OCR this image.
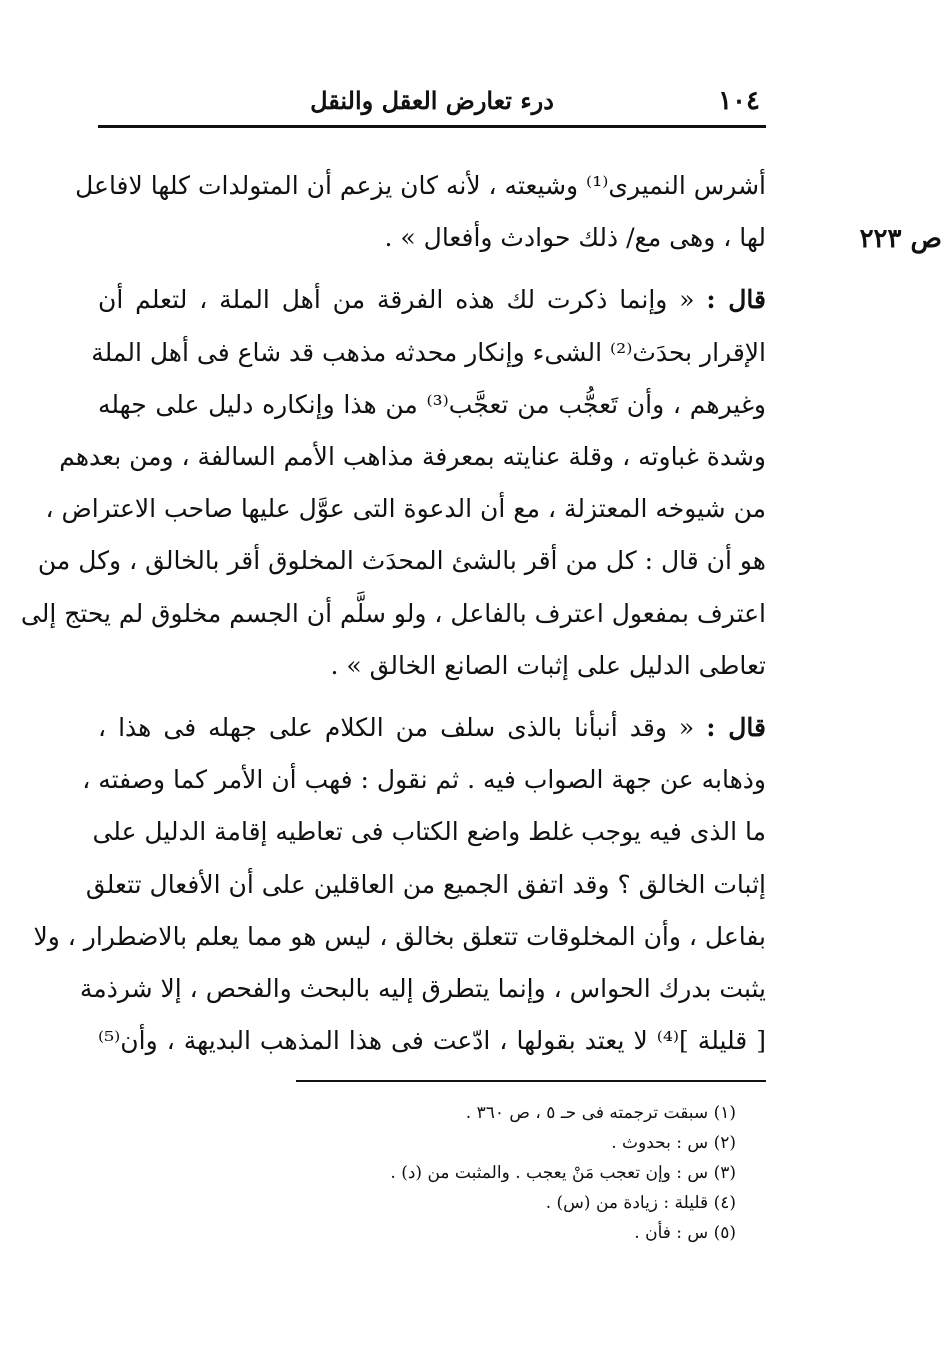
١٠٤
درء تعارض العقل والنقل
ص ٢٢٣
أشرس النميرى⁽¹⁾ وشيعته ، لأنه كان يزعم أن المتولدات كلها لافاعل
لها ، وهى مع/ ذلك حوادث وأفعال » .
قال : « وإنما ذكرت لك هذه الفرقة من أهل الملة ، لتعلم أن
الإقرار بحدَث⁽²⁾ الشىء وإنكار محدثه مذهب قد شاع فى أهل الملة
وغيرهم ، وأن تَعجُّب من تعجَّب⁽³⁾ من هذا وإنكاره دليل على جهله
وشدة غباوته ، وقلة عنايته بمعرفة مذاهب الأمم السالفة ، ومن بعدهم
من شيوخه المعتزلة ، مع أن الدعوة التى عوَّل عليها صاحب الاعتراض ،
هو أن قال : كل من أقر بالشئ المحدَث المخلوق أقر بالخالق ، وكل من
اعترف بمفعول اعترف بالفاعل ، ولو سلَّم أن الجسم مخلوق لم يحتج إلى
تعاطى الدليل على إثبات الصانع الخالق » .
قال : « وقد أنبأنا بالذى سلف من الكلام على جهله فى هذا ،
وذهابه عن جهة الصواب فيه . ثم نقول : فهب أن الأمر كما وصفته ،
ما الذى فيه يوجب غلط واضع الكتاب فى تعاطيه إقامة الدليل على
إثبات الخالق ؟ وقد اتفق الجميع من العاقلين على أن الأفعال تتعلق
بفاعل ، وأن المخلوقات تتعلق بخالق ، ليس هو مما يعلم بالاضطرار ، ولا
يثبت بدرك الحواس ، وإنما يتطرق إليه بالبحث والفحص ، إلا شرذمة
[ قليلة ]⁽⁴⁾ لا يعتد بقولها ، ادّعت فى هذا المذهب البديهة ، وأن⁽⁵⁾
(١) سبقت ترجمته فى حـ ٥ ، ص ٣٦٠ .
(٢) س : بحدوث .
(٣) س : وإن تعجب مَنْ يعجب . والمثبت من (د) .
(٤) قليلة : زيادة من (س) .
(٥) س : فأن .
